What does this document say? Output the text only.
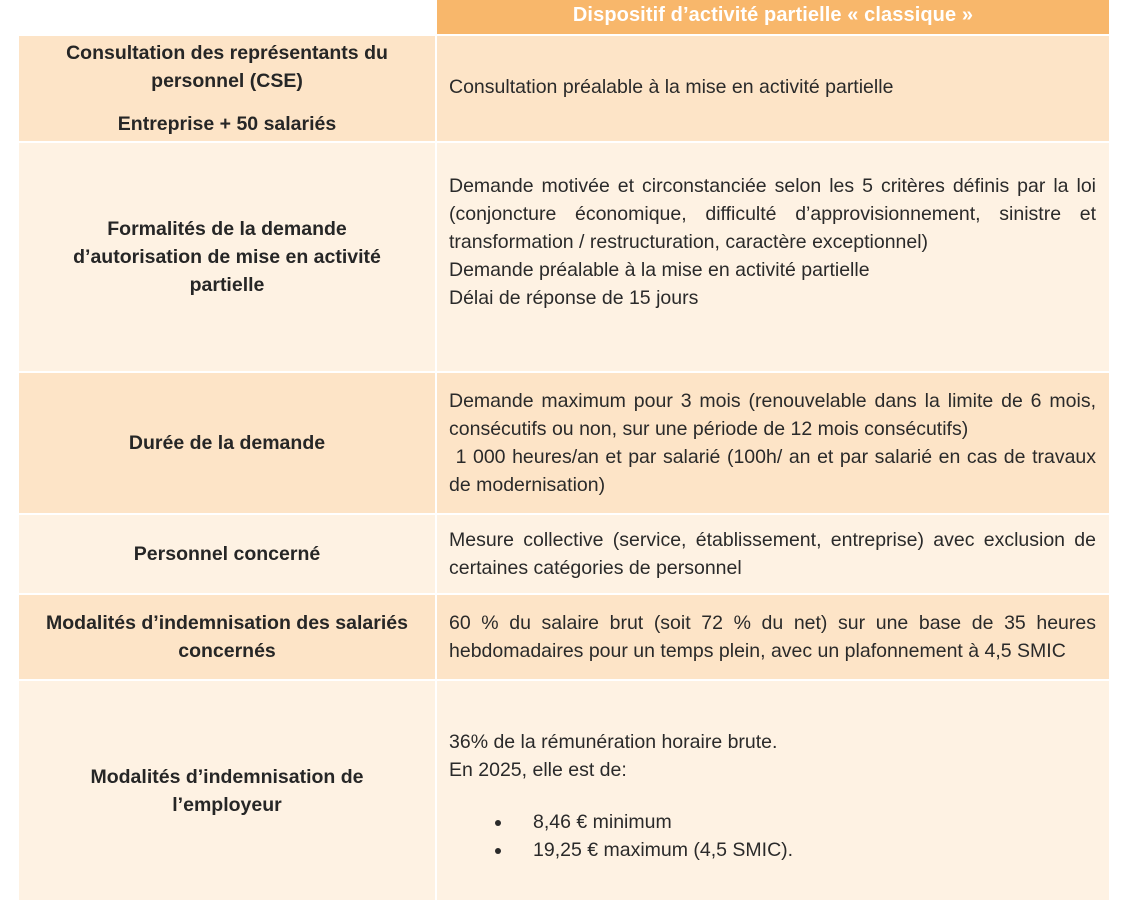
Dispositif d’activité partielle « classique »
Consultation des représentants du personnel (CSE)
Entreprise + 50 salariés
Consultation préalable à la mise en activité partielle
Formalités de la demande d’autorisation de mise en activité partielle
Demande motivée et circonstanciée selon les 5 critères définis par la loi (conjoncture économique, difficulté d’approvisionnement, sinistre et transformation / restructuration, caractère exceptionnel)
Demande préalable à la mise en activité partielle
Délai de réponse de 15 jours
Durée de la demande
Demande maximum pour 3 mois (renouvelable dans la limite de 6 mois, consécutifs ou non, sur une période de 12 mois consécutifs)
1 000 heures/an et par salarié (100h/ an et par salarié en cas de travaux de modernisation)
Personnel concerné
Mesure collective (service, établissement, entreprise) avec exclusion de certaines catégories de personnel
Modalités d’indemnisation des salariés concernés
60 % du salaire brut (soit 72 % du net) sur une base de 35 heures hebdomadaires pour un temps plein, avec un plafonnement à 4,5 SMIC
Modalités d’indemnisation de l’employeur
36% de la rémunération horaire brute.
En 2025, elle est de:
• 8,46 € minimum
• 19,25 € maximum (4,5 SMIC).
